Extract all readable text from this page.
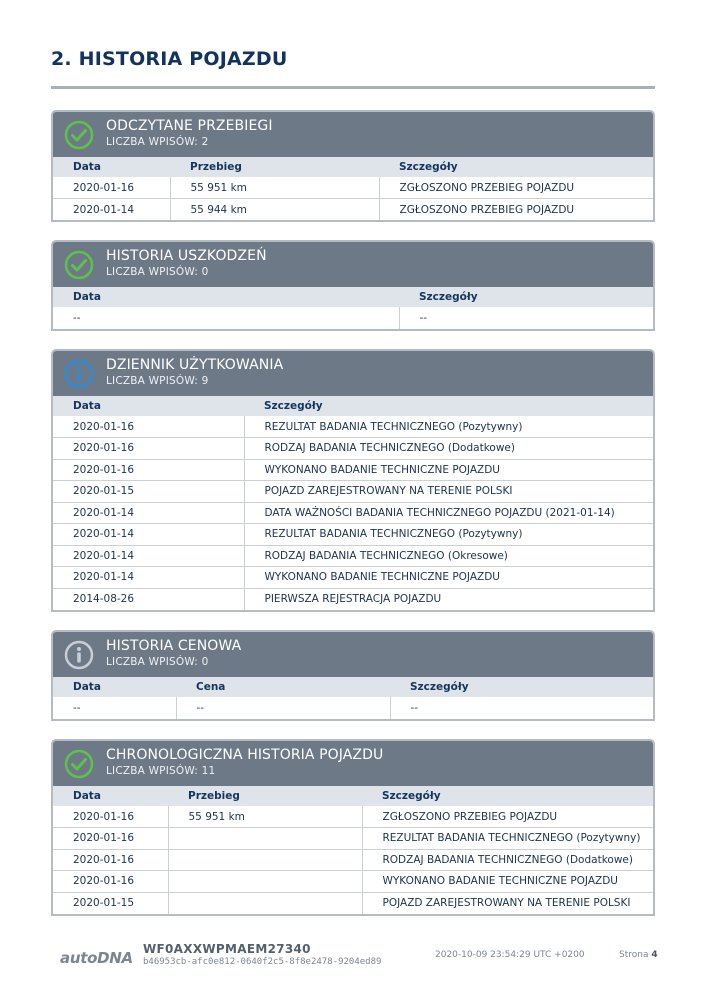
2. HISTORIA POJAZDU
ODCZYTANE PRZEBIEGI
LICZBA WPISÓW: 2
Data	Przebieg	Szczegóły
2020-01-16	55 951 km	ZGŁOSZONO PRZEBIEG POJAZDU
2020-01-14	55 944 km	ZGŁOSZONO PRZEBIEG POJAZDU
HISTORIA USZKODZEŃ
LICZBA WPISÓW: 0
Data	Szczegóły
--	--
DZIENNIK UŻYTKOWANIA
LICZBA WPISÓW: 9
Data	Szczegóły
2020-01-16	REZULTAT BADANIA TECHNICZNEGO (Pozytywny)
2020-01-16	RODZAJ BADANIA TECHNICZNEGO (Dodatkowe)
2020-01-16	WYKONANO BADANIE TECHNICZNE POJAZDU
2020-01-15	POJAZD ZAREJESTROWANY NA TERENIE POLSKI
2020-01-14	DATA WAŻNOŚCI BADANIA TECHNICZNEGO POJAZDU (2021-01-14)
2020-01-14	REZULTAT BADANIA TECHNICZNEGO (Pozytywny)
2020-01-14	RODZAJ BADANIA TECHNICZNEGO (Okresowe)
2020-01-14	WYKONANO BADANIE TECHNICZNE POJAZDU
2014-08-26	PIERWSZA REJESTRACJA POJAZDU
HISTORIA CENOWA
LICZBA WPISÓW: 0
Data	Cena	Szczegóły
--	--	--
CHRONOLOGICZNA HISTORIA POJAZDU
LICZBA WPISÓW: 11
Data	Przebieg	Szczegóły
2020-01-16	55 951 km	ZGŁOSZONO PRZEBIEG POJAZDU
2020-01-16		REZULTAT BADANIA TECHNICZNEGO (Pozytywny)
2020-01-16		RODZAJ BADANIA TECHNICZNEGO (Dodatkowe)
2020-01-16		WYKONANO BADANIE TECHNICZNE POJAZDU
2020-01-15		POJAZD ZAREJESTROWANY NA TERENIE POLSKI
autoDNA WF0AXXWPMAEM27340
b46953cb-afc0e812-0640f2c5-8f8e2478-9204ed89
2020-10-09 23:54:29 UTC +0200	Strona 4
